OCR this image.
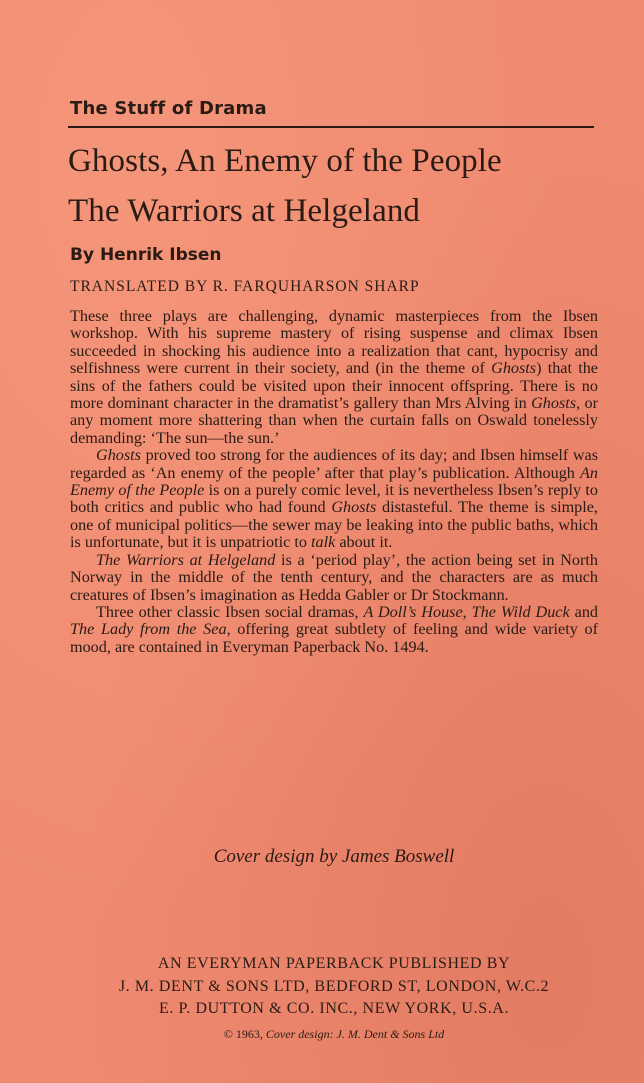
The Stuff of Drama
Ghosts, An Enemy of the People
The Warriors at Helgeland
By Henrik Ibsen
TRANSLATED BY R. FARQUHARSON SHARP

These three plays are challenging, dynamic masterpieces from the Ibsen workshop. With his supreme mastery of rising suspense and climax Ibsen succeeded in shocking his audience into a realization that cant, hypocrisy and selfishness were current in their society, and (in the theme of Ghosts) that the sins of the fathers could be visited upon their innocent offspring. There is no more dominant character in the dramatist’s gallery than Mrs Alving in Ghosts, or any moment more shattering than when the curtain falls on Oswald tonelessly demanding: ‘The sun—the sun.’

Ghosts proved too strong for the audiences of its day; and Ibsen himself was regarded as ‘An enemy of the people’ after that play’s publication. Although An Enemy of the People is on a purely comic level, it is nevertheless Ibsen’s reply to both critics and public who had found Ghosts distasteful. The theme is simple, one of municipal politics—the sewer may be leaking into the public baths, which is unfortunate, but it is unpatriotic to talk about it.

The Warriors at Helgeland is a ‘period play’, the action being set in North Norway in the middle of the tenth century, and the characters are as much creatures of Ibsen’s imagination as Hedda Gabler or Dr Stockmann.

Three other classic Ibsen social dramas, A Doll’s House, The Wild Duck and The Lady from the Sea, offering great subtlety of feeling and wide variety of mood, are contained in Everyman Paperback No. 1494.

Cover design by James Boswell
AN EVERYMAN PAPERBACK PUBLISHED BY
J. M. DENT & SONS LTD, BEDFORD ST, LONDON, W.C.2
E. P. DUTTON & CO. INC., NEW YORK, U.S.A.
© 1963, Cover design: J. M. Dent & Sons Ltd
